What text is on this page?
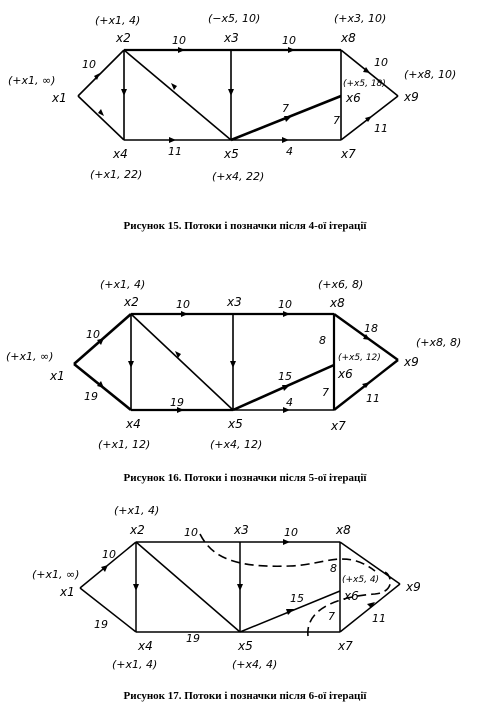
x1
x2	x3
x4	x5
x6
x7
x8
x9
(+x1, ∞)
(+x1, 4)	(−x5, 10)
(+x1, 22)	(+x4, 22)
(+x5, 18)
(+x3, 10)
(+x8, 10)
10
10	10
10
7
7
11
11	4
Рисунок 15. Потоки і позначки після 4-ої ітерації
x1
x2	x3
x4	x5
x6
x7
x8
x9
(+x1, ∞)
(+x1, 4)
(+x1, 12)	(+x4, 12)
(+x5, 12)
(+x6, 8)
(+x8, 8)
10
19
10	10
18
8
15
7	11
19	4
Рисунок 16. Потоки і позначки після 5-ої ітерації
x1
x2	x3
x4	x5
x6
x7
x8
x9
(+x1, ∞)
(+x1, 4)
(+x1, 4)	(+x4, 4)
(+x5, 4)
10
19
10	10
8
15
7	11
19
Рисунок 17. Потоки і позначки після 6-ої ітерації
